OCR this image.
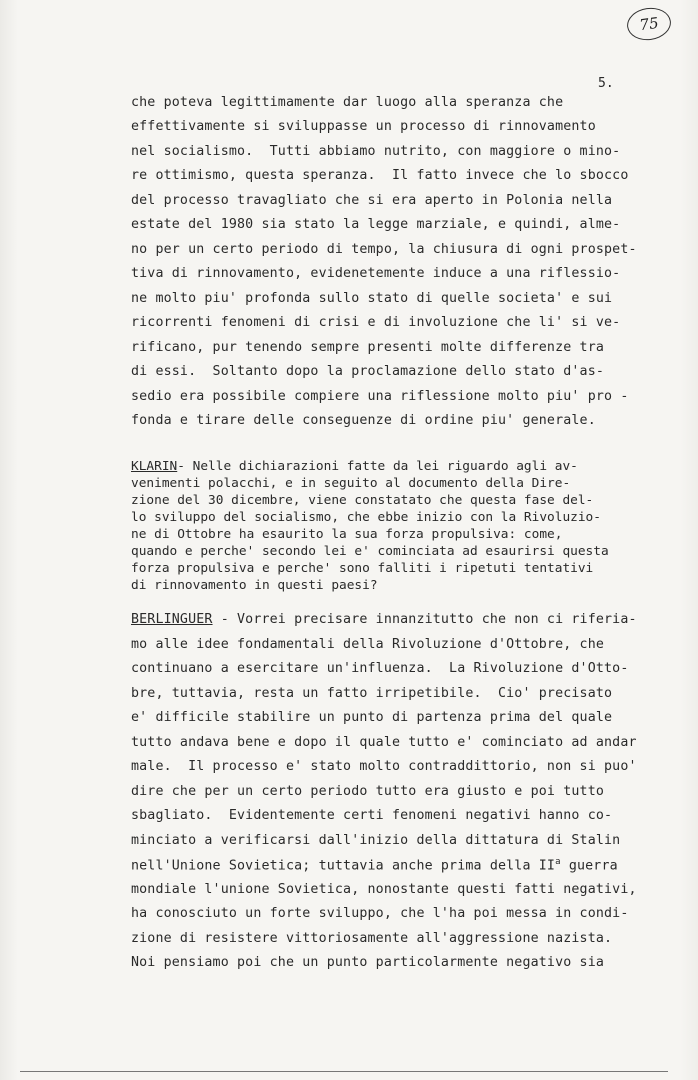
75
5.
che poteva legittimamente dar luogo alla speranza che
effettivamente si sviluppasse un processo di rinnovamento
nel socialismo.  Tutti abbiamo nutrito, con maggiore o mino-
re ottimismo, questa speranza.  Il fatto invece che lo sbocco
del processo travagliato che si era aperto in Polonia nella
estate del 1980 sia stato la legge marziale, e quindi, alme-
no per un certo periodo di tempo, la chiusura di ogni prospet-
tiva di rinnovamento, evidenetemente induce a una riflessio-
ne molto piu' profonda sullo stato di quelle societa' e sui
ricorrenti fenomeni di crisi e di involuzione che li' si ve-
rificano, pur tenendo sempre presenti molte differenze tra
di essi.  Soltanto dopo la proclamazione dello stato d'as-
sedio era possibile compiere una riflessione molto piu' pro -
fonda e tirare delle conseguenze di ordine piu' generale.
KLARIN- Nelle dichiarazioni fatte da lei riguardo agli av-
venimenti polacchi, e in seguito al documento della Dire-
zione del 30 dicembre, viene constatato che questa fase del-
lo sviluppo del socialismo, che ebbe inizio con la Rivoluzio-
ne di Ottobre ha esaurito la sua forza propulsiva: come,
quando e perche' secondo lei e' cominciata ad esaurirsi questa
forza propulsiva e perche' sono falliti i ripetuti tentativi
di rinnovamento in questi paesi?
BERLINGUER - Vorrei precisare innanzitutto che non ci riferia-
mo alle idee fondamentali della Rivoluzione d'Ottobre, che
continuano a esercitare un'influenza.  La Rivoluzione d'Otto-
bre, tuttavia, resta un fatto irripetibile.  Cio' precisato
e' difficile stabilire un punto di partenza prima del quale
tutto andava bene e dopo il quale tutto e' cominciato ad andar
male.  Il processo e' stato molto contraddittorio, non si puo'
dire che per un certo periodo tutto era giusto e poi tutto
sbagliato.  Evidentemente certi fenomeni negativi hanno co-
minciato a verificarsi dall'inizio della dittatura di Stalin
nell'Unione Sovietica; tuttavia anche prima della $II^a$ guerra
mondiale l'unione Sovietica, nonostante questi fatti negativi,
ha conosciuto un forte sviluppo, che l'ha poi messa in condi-
zione di resistere vittoriosamente all'aggressione nazista.
Noi pensiamo poi che un punto particolarmente negativo sia
